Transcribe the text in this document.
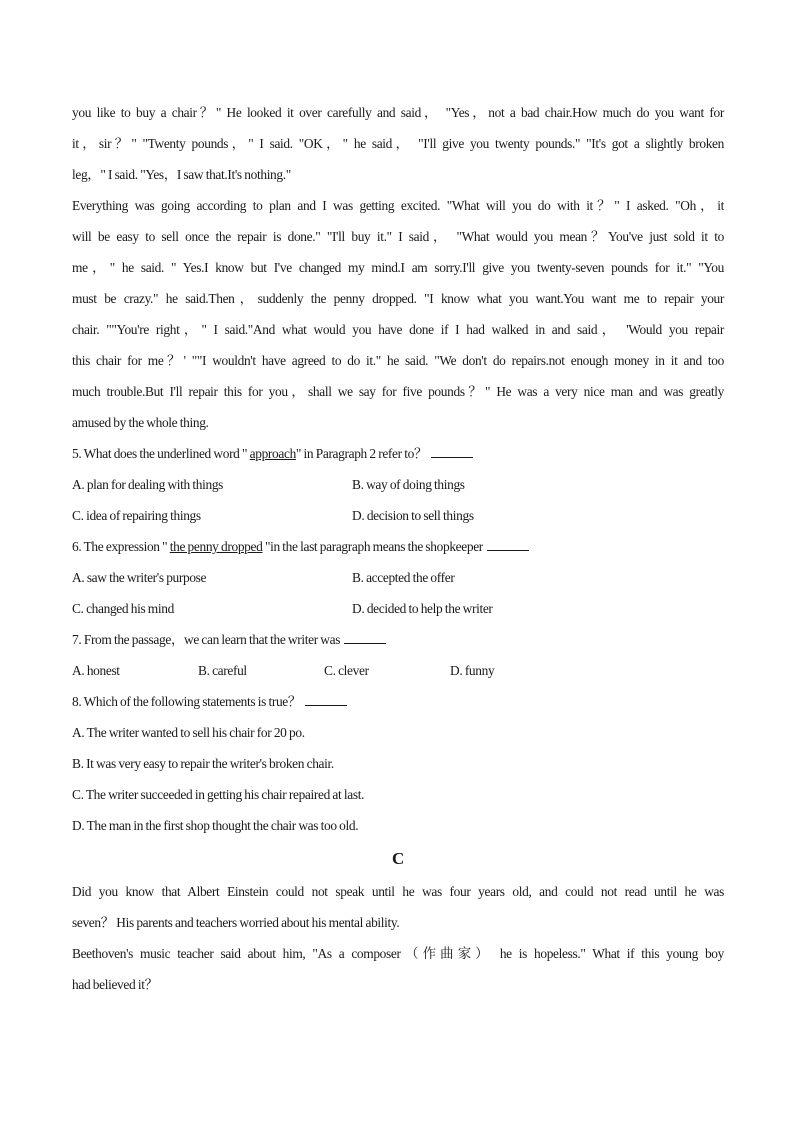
you like to buy a chair？" He looked it over carefully and said， "Yes，not a bad chair.How much do you want for
it，sir？" "Twenty pounds，" I said. "OK，" he said， "I'll give you twenty pounds." "It's got a slightly broken
leg，" I said. "Yes，I saw that.It's nothing."
Everything was going according to plan and I was getting excited. "What will you do with it？" I asked. "Oh，it
will be easy to sell once the repair is done." "I'll buy it." I said， "What would you mean？You've just sold it to
me，" he said. " Yes.I know but I've changed my mind.I am sorry.I'll give you twenty-seven pounds for it." "You
must be crazy." he said.Then，suddenly the penny dropped. "I know what you want.You want me to repair your
chair. ""You're right，" I said."And what would you have done if I had walked in and said， 'Would you repair
this chair for me？' ""I wouldn't have agreed to do it." he said. "We don't do repairs.not enough money in it and too
much trouble.But I'll repair this for you，shall we say for five pounds？" He was a very nice man and was greatly
amused by the whole thing.
5. What does the underlined word " approach" in Paragraph 2 refer to？
A. plan for dealing with things	B. way of doing things
C. idea of repairing things	D. decision to sell things
6. The expression " the penny dropped "in the last paragraph means the shopkeeper
A. saw the writer's purpose	B. accepted the offer
C. changed his mind	D. decided to help the writer
7. From the passage，we can learn that the writer was
A. honest	B. careful	C. clever	D. funny
8. Which of the following statements is true？
A. The writer wanted to sell his chair for 20 po.
B. It was very easy to repair the writer's broken chair.
C. The writer succeeded in getting his chair repaired at last.
D. The man in the first shop thought the chair was too old.
C
Did you know that Albert Einstein could not speak until he was four years old, and could not read until he was
seven？ His parents and teachers worried about his mental ability.
Beethoven's music teacher said about him, "As a composer（作曲家） he is hopeless." What if this young boy
had believed it？
